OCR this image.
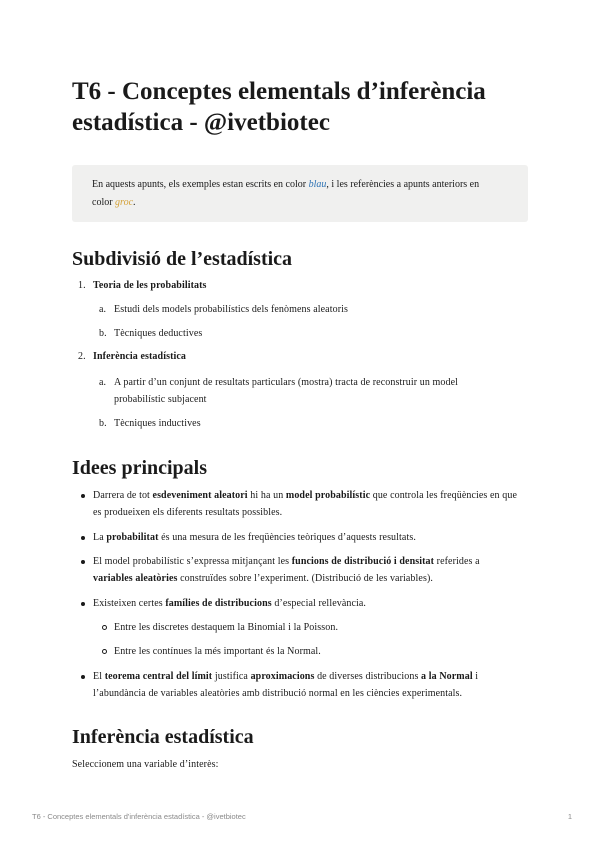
T6 - Conceptes elementals d’inferència estadística - @ivetbiotec

En aquests apunts, els exemples estan escrits en color blau, i les referències a apunts anteriors en color groc.

Subdivisió de l’estadística
1. Teoria de les probabilitats
a. Estudi dels models probabilístics dels fenòmens aleatoris
b. Tècniques deductives
2. Inferència estadística
a. A partir d’un conjunt de resultats particulars (mostra) tracta de reconstruir un model probabilístic subjacent
b. Tècniques inductives
Idees principals
Darrera de tot esdeveniment aleatori hi ha un model probabilístic que controla les freqüències en que es produeixen els diferents resultats possibles.
La probabilitat és una mesura de les freqüències teòriques d’aquests resultats.
El model probabilístic s’expressa mitjançant les funcions de distribució i densitat referides a variables aleatòries construïdes sobre l’experiment. (Distribució de les variables).
Existeixen certes famílies de distribucions d’especial rellevància.
Entre les discretes destaquem la Binomial i la Poisson.
Entre les contínues la més important és la Normal.
El teorema central del límit justifica aproximacions de diverses distribucions a la Normal i l’abundància de variables aleatòries amb distribució normal en les ciències experimentals.
Inferència estadística
Seleccionem una variable d’interès:
T6 - Conceptes elementals d'inferència estadística - @ivetbiotec	1
